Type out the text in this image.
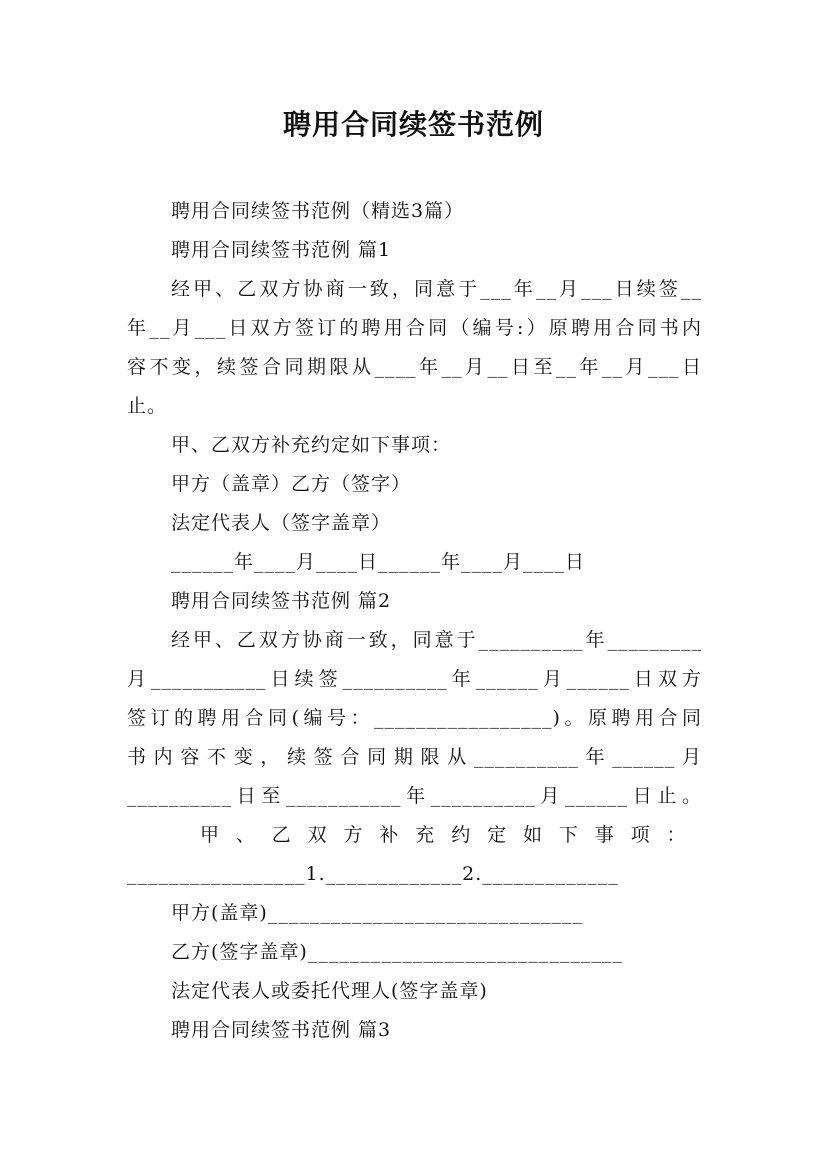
聘用合同续签书范例

聘用合同续签书范例（精选3篇）

聘用合同续签书范例 篇1

经甲、乙双方协商一致，同意于___年__月___日续签__

年__月___日双方签订的聘用合同（编号:）原聘用合同书内

容不变，续签合同期限从____年__月__日至__年__月___日

止。

甲、乙双方补充约定如下事项：

甲方（盖章）乙方（签字）

法定代表人（签字盖章）

______年____月____日______年____月____日

聘用合同续签书范例 篇2

经甲、乙双方协商一致，同意于__________年_________

月___________日续签__________年______月______日双方

签订的聘用合同(编号：_________________)。原聘用合同

书内容不变，续签合同期限从__________年______月

__________日至___________年__________月______日止。

甲 、 乙 双 方 补 充 约 定 如 下 事 项 ：

_________________1._____________2._____________

甲方(盖章)______________________________

乙方(签字盖章)______________________________

法定代表人或委托代理人(签字盖章)

聘用合同续签书范例 篇3
